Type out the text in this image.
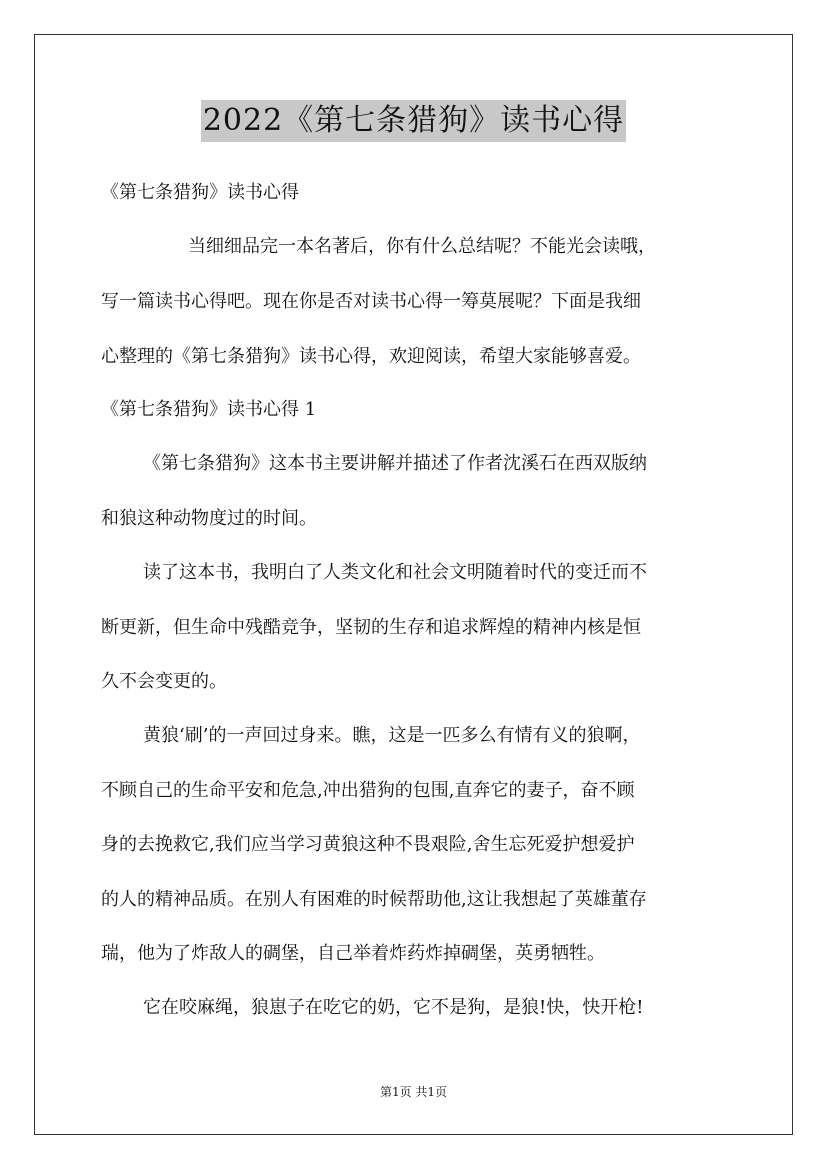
2022《第七条猎狗》读书心得
《第七条猎狗》读书心得
当细细品完一本名著后，你有什么总结呢？不能光会读哦，
写一篇读书心得吧。现在你是否对读书心得一筹莫展呢？下面是我细
心整理的《第七条猎狗》读书心得，欢迎阅读，希望大家能够喜爱。
《第七条猎狗》读书心得 1
《第七条猎狗》这本书主要讲解并描述了作者沈溪石在西双版纳
和狼这种动物度过的时间。
读了这本书，我明白了人类文化和社会文明随着时代的变迁而不
断更新，但生命中残酷竞争，坚韧的生存和追求辉煌的精神内核是恒
久不会变更的。
黄狼‘刷’的一声回过身来。瞧，这是一匹多么有情有义的狼啊，
不顾自己的生命平安和危急,冲出猎狗的包围,直奔它的妻子，奋不顾
身的去挽救它,我们应当学习黄狼这种不畏艰险,舍生忘死爱护想爱护
的人的精神品质。在别人有困难的时候帮助他,这让我想起了英雄董存
瑞，他为了炸敌人的碉堡，自己举着炸药炸掉碉堡，英勇牺牲。
它在咬麻绳，狼崽子在吃它的奶，它不是狗，是狼!快，快开枪!
第1页 共1页
